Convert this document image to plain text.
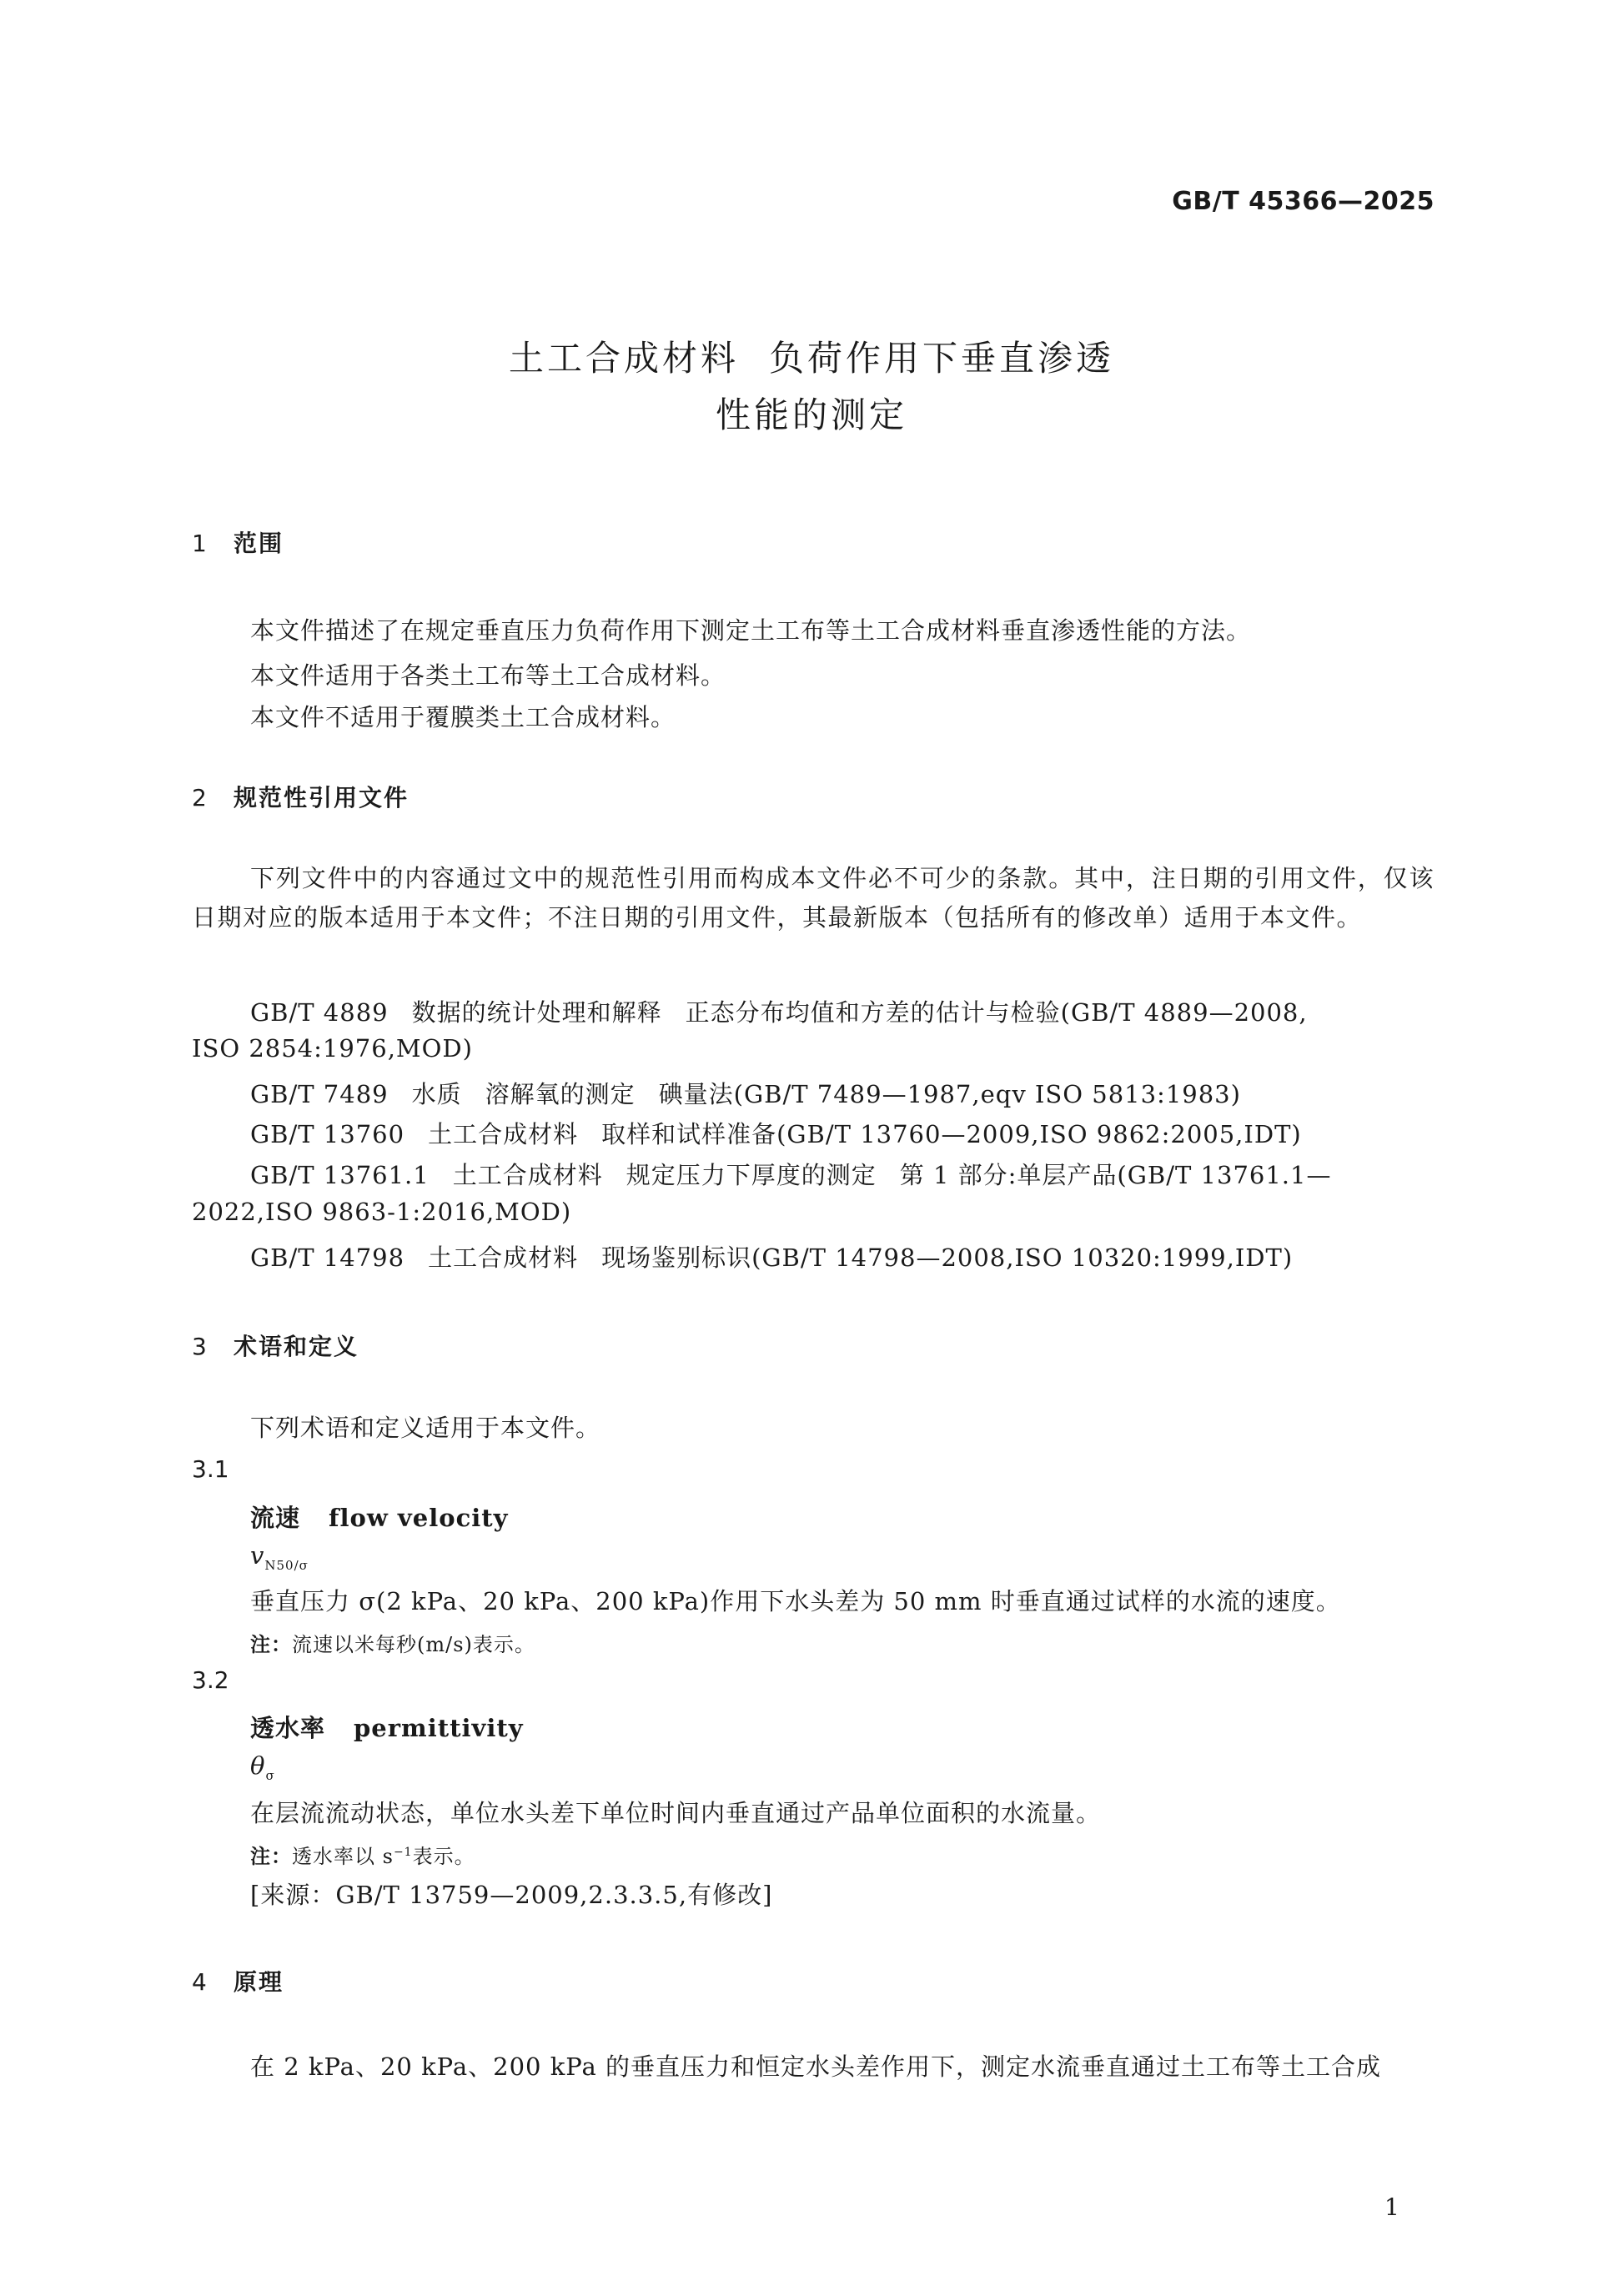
GB/T 45366—2025
土工合成材料 负荷作用下垂直渗透
性能的测定
1 范围
本文件描述了在规定垂直压力负荷作用下测定土工布等土工合成材料垂直渗透性能的方法。
本文件适用于各类土工布等土工合成材料。
本文件不适用于覆膜类土工合成材料。
2 规范性引用文件
下列文件中的内容通过文中的规范性引用而构成本文件必不可少的条款。其中，注日期的引用文件，仅该日期对应的版本适用于本文件；不注日期的引用文件，其最新版本（包括所有的修改单）适用于本文件。
GB/T 4889 数据的统计处理和解释 正态分布均值和方差的估计与检验(GB/T 4889—2008,
ISO 2854:1976,MOD)
GB/T 7489 水质 溶解氧的测定 碘量法(GB/T 7489—1987,eqv ISO 5813:1983)
GB/T 13760 土工合成材料 取样和试样准备(GB/T 13760—2009,ISO 9862:2005,IDT)
GB/T 13761.1 土工合成材料 规定压力下厚度的测定 第 1 部分:单层产品(GB/T 13761.1—
2022,ISO 9863-1:2016,MOD)
GB/T 14798 土工合成材料 现场鉴别标识(GB/T 14798—2008,ISO 10320:1999,IDT)
3 术语和定义
下列术语和定义适用于本文件。
3.1
流速 flow velocity
$v_{N50/\sigma}$
垂直压力 σ(2 kPa、20 kPa、200 kPa)作用下水头差为 50 mm 时垂直通过试样的水流的速度。
注：流速以米每秒(m/s)表示。
3.2
透水率 permittivity
$\theta_\sigma$
在层流流动状态，单位水头差下单位时间内垂直通过产品单位面积的水流量。
注：透水率以 $s^{-1}$表示。
[来源：GB/T 13759—2009,2.3.3.5,有修改]
4 原理
在 2 kPa、20 kPa、200 kPa 的垂直压力和恒定水头差作用下，测定水流垂直通过土工布等土工合成
1
